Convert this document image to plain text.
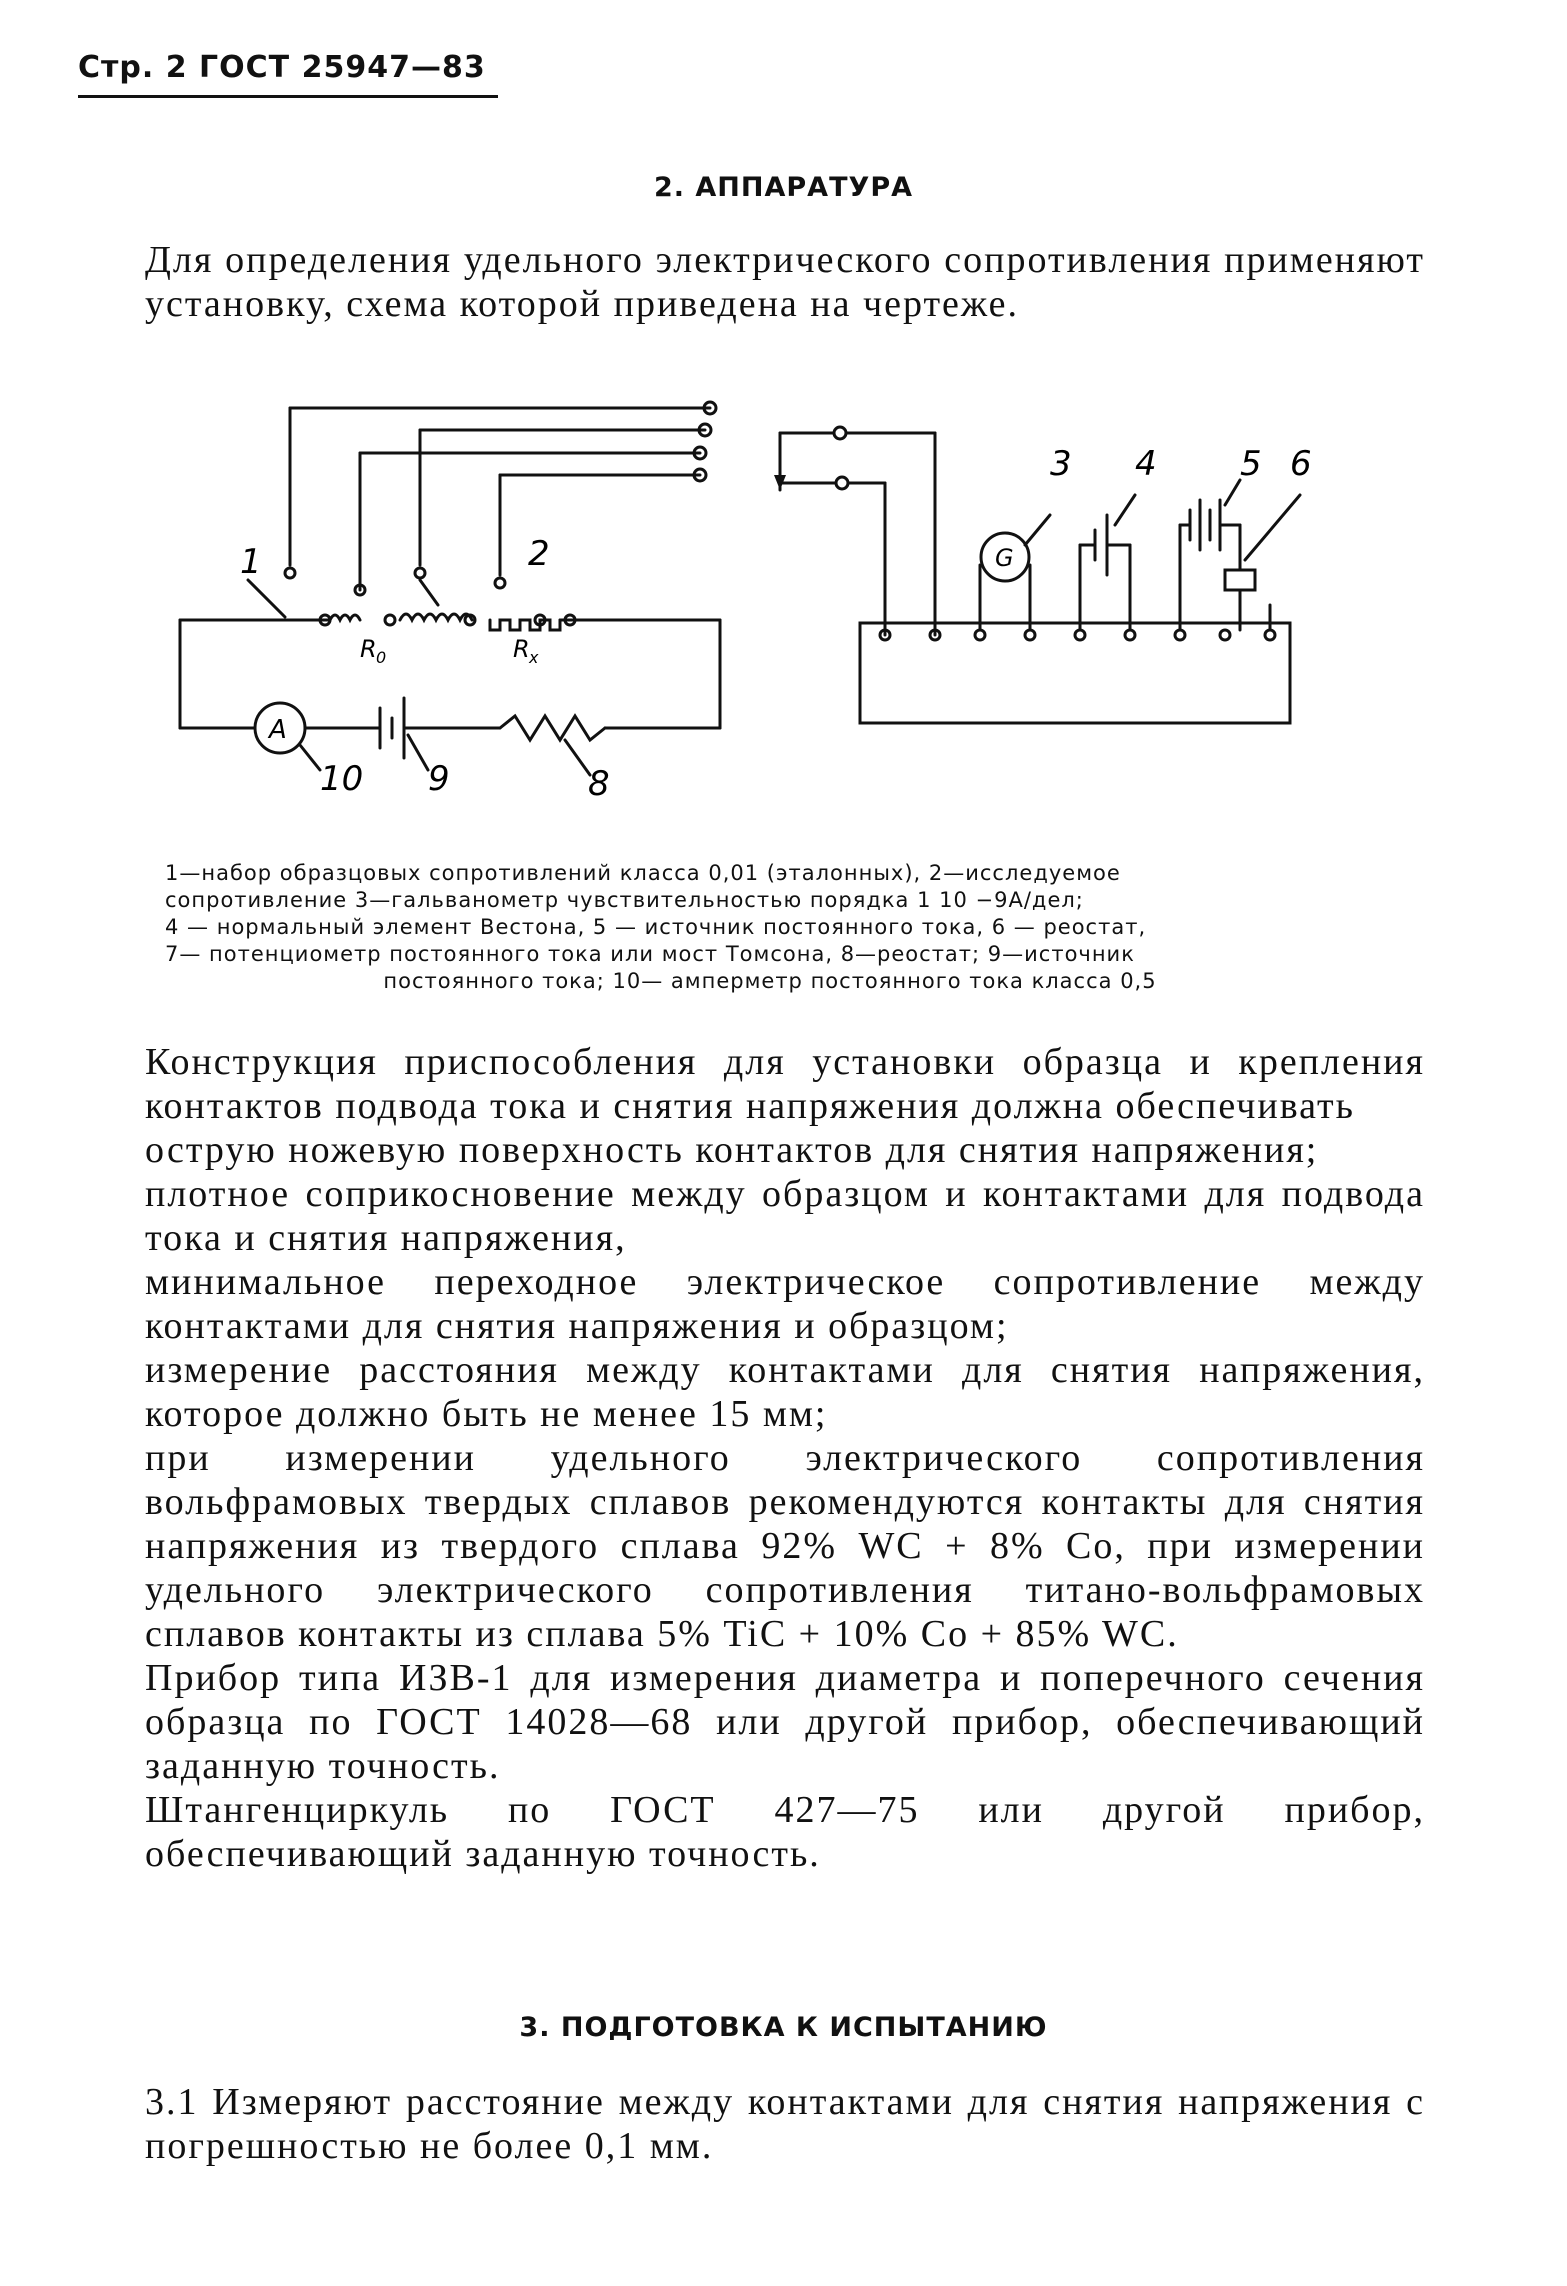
Стр. 2 ГОСТ 25947—83
2. АППАРАТУРА

Для определения удельного электрического сопротивления применяют установку, схема которой приведена на чертеже.

1	2
3 4 5 6
8
9
10
R 0	R x
A
G

1—набор образцовых сопротивлений класса 0,01 (эталонных), 2—исследуемое

сопротивление 3—гальванометр чувствительностью порядка 1 10 −9А/дел;

4 — нормальный элемент Вестона, 5 — источник постоянного тока, 6 — реостат,

7— потенциометр постоянного тока или мост Томсона, 8—реостат; 9—источник

постоянного тока; 10— амперметр постоянного тока класса 0,5

Конструкция приспособления для установки образца и крепления контактов подвода тока и снятия напряжения должна обеспечивать

острую ножевую поверхность контактов для снятия напряжения;

плотное соприкосновение между образцом и контактами для подвода тока и снятия напряжения,

минимальное переходное электрическое сопротивление между контактами для снятия напряжения и образцом;

измерение расстояния между контактами для снятия напряжения, которое должно быть не менее 15 мм;

при измерении удельного электрического сопротивления вольфрамовых твердых сплавов рекомендуются контакты для снятия напряжения из твердого сплава 92% WC + 8% Co, при измерении удельного электрического сопротивления титано-вольфрамовых сплавов контакты из сплава 5% TiC + 10% Co + 85% WC.

Прибор типа ИЗВ-1 для измерения диаметра и поперечного сечения образца по ГОСТ 14028—68 или другой прибор, обеспечивающий заданную точность.

Штангенциркуль по ГОСТ 427—75 или другой прибор, обеспечивающий заданную точность.

3. ПОДГОТОВКА К ИСПЫТАНИЮ

3.1 Измеряют расстояние между контактами для снятия напряжения с погрешностью не более 0,1 мм.
